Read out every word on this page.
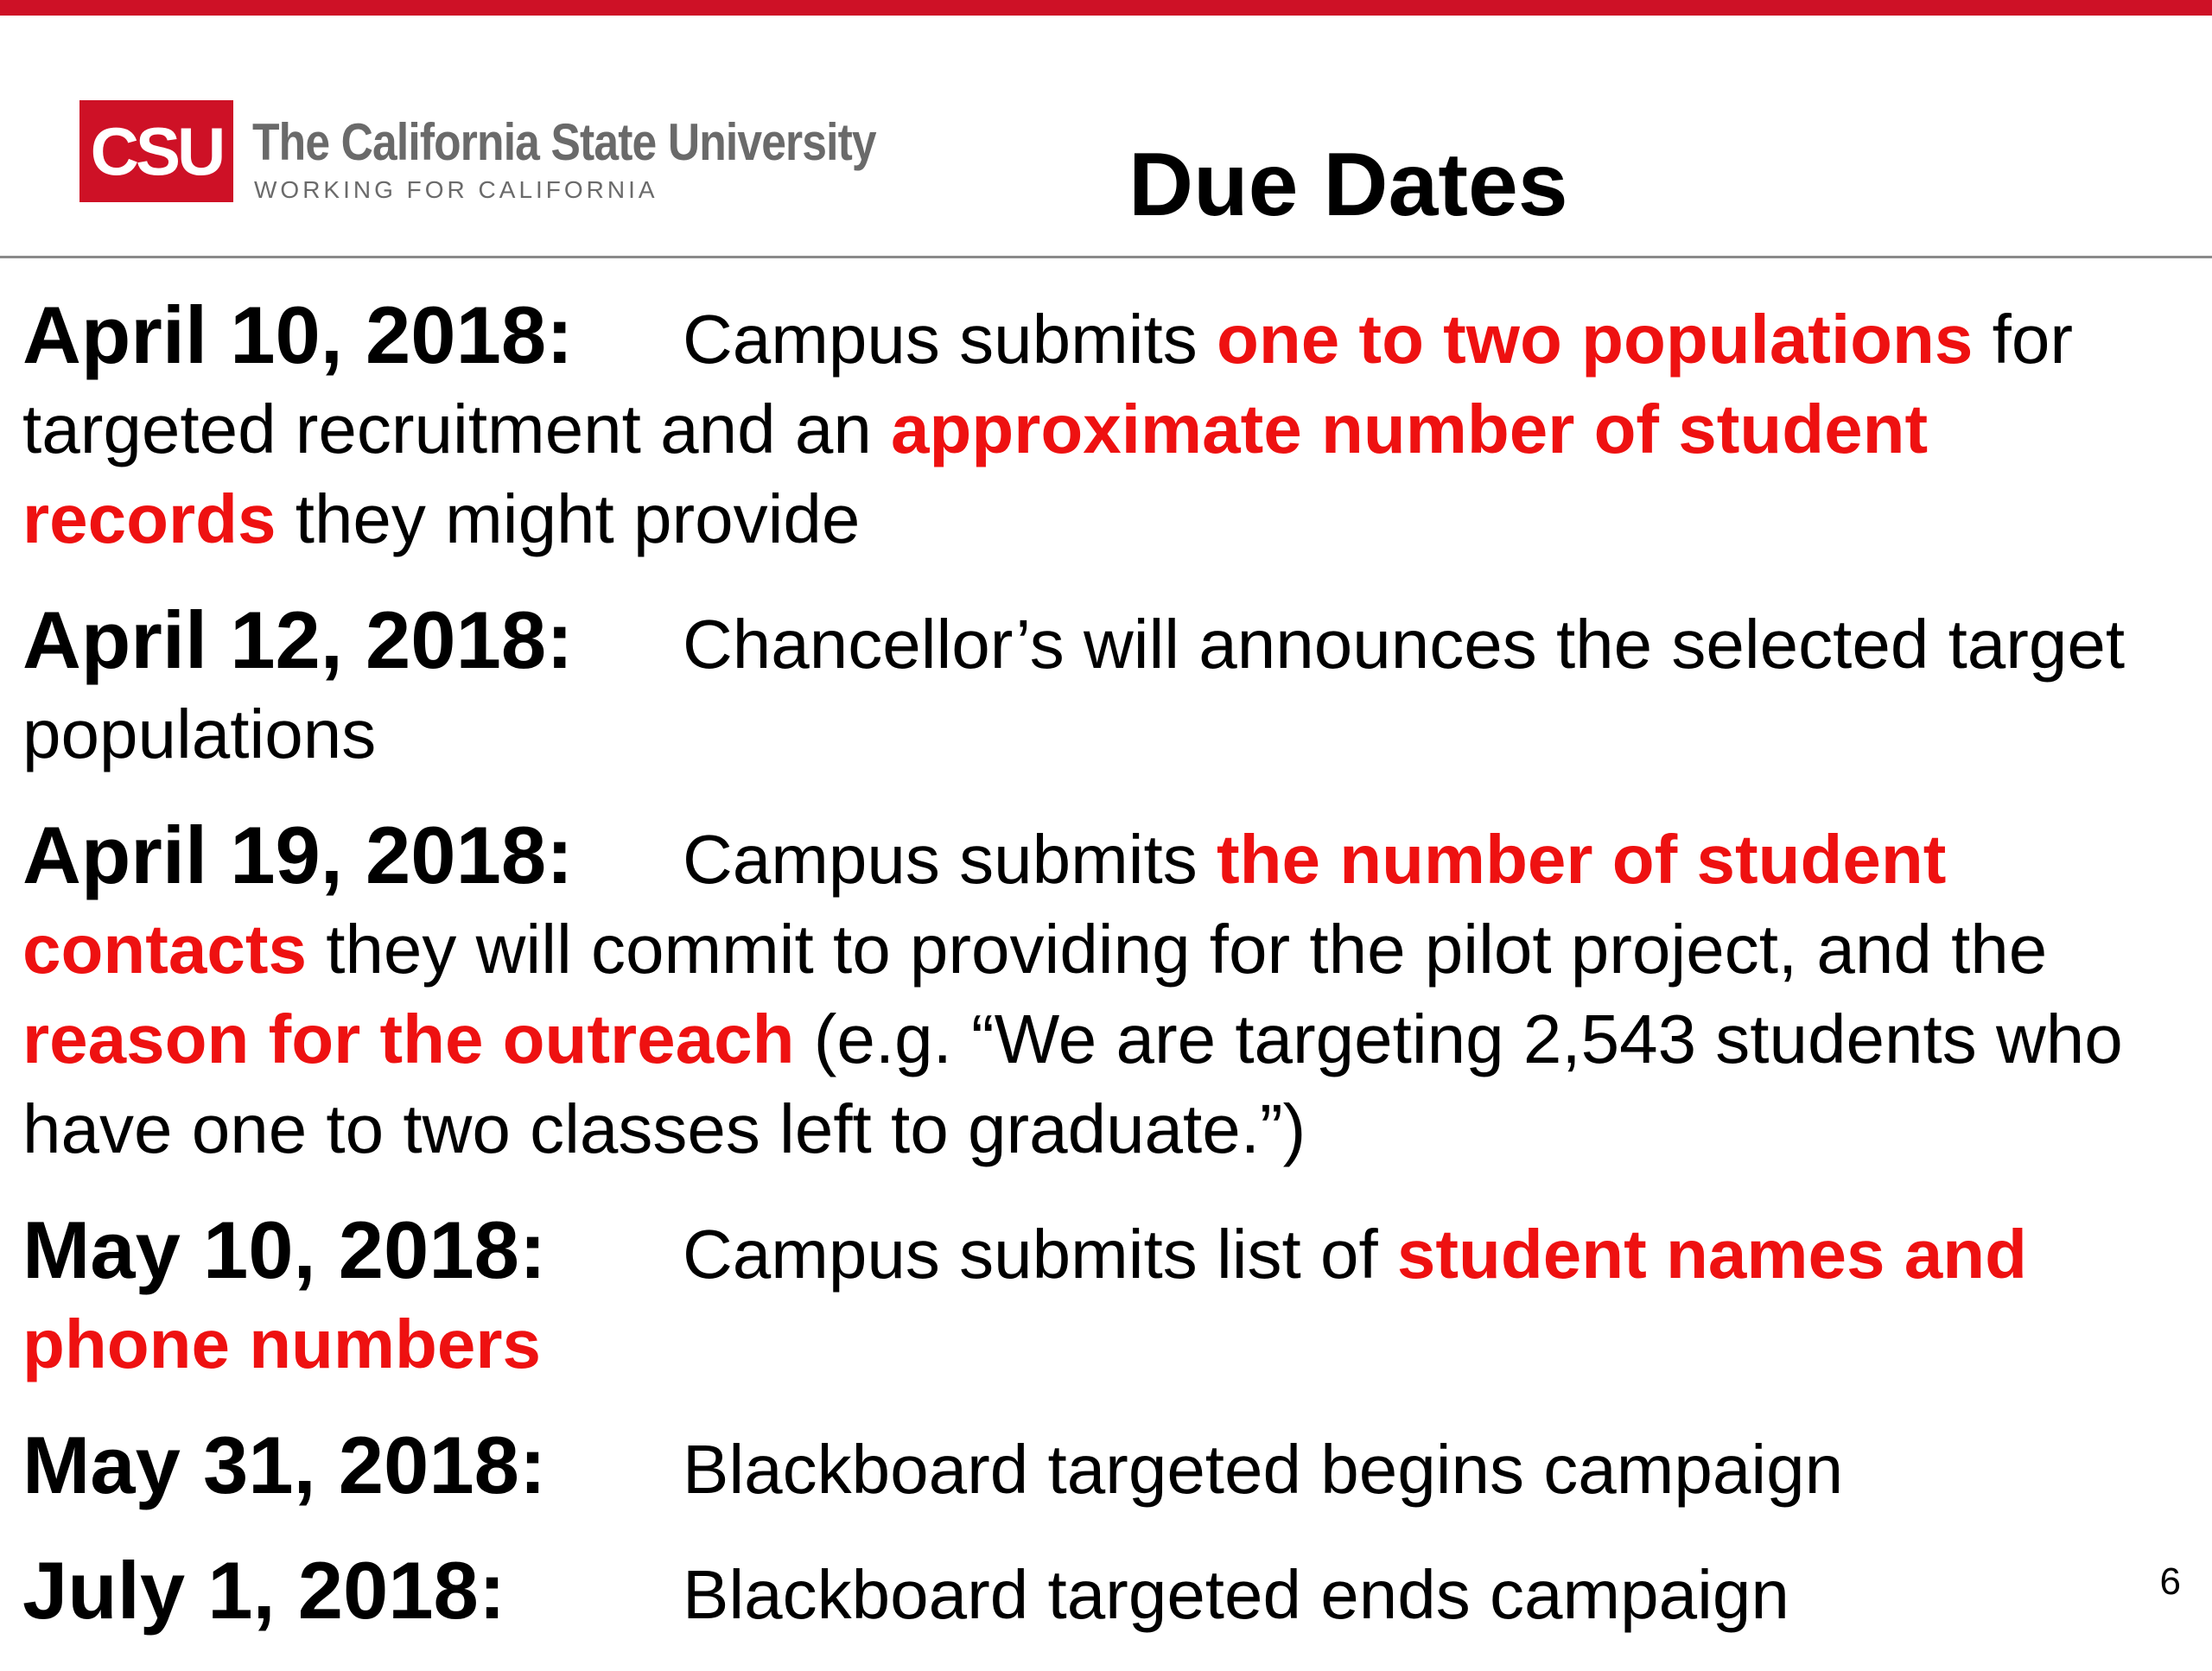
CSU The California State University
WORKING FOR CALIFORNIA	Due Dates

April 10, 2018: Campus submits one to two populations for targeted recruitment and an approximate number of student records they might provide

April 12, 2018: Chancellor’s will announces the selected target populations

April 19, 2018: Campus submits the number of student contacts they will commit to providing for the pilot project, and the reason for the outreach (e.g. “We are targeting 2,543 students who have one to two classes left to graduate.”)

May 10, 2018: Campus submits list of student names and phone numbers

May 31, 2018: Blackboard targeted begins campaign

July 1, 2018:	Blackboard targeted ends campaign	6
